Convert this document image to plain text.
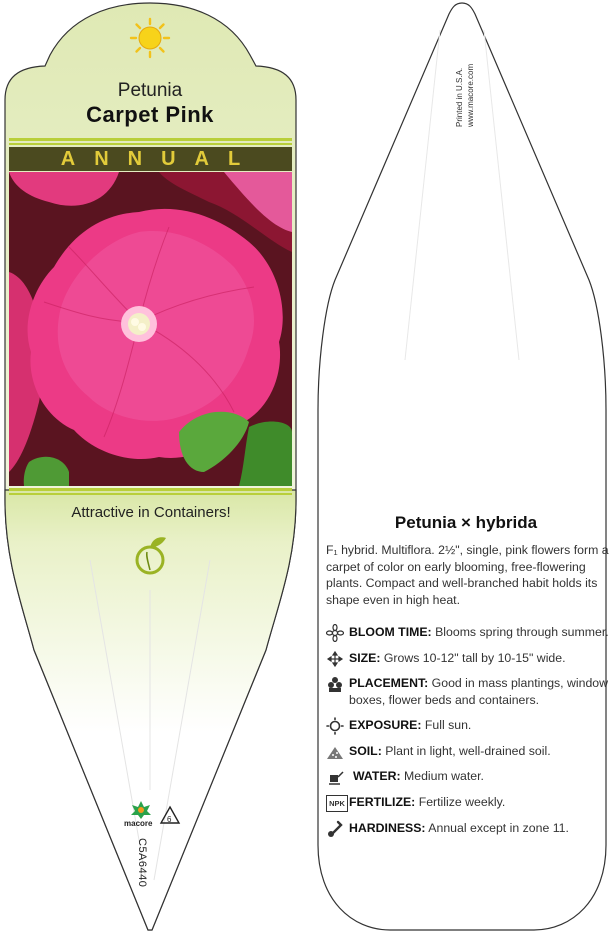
macore 6
Petunia
Carpet Pink
ANNUAL
Attractive in Containers!
C5A6440
Printed in U.S.A. www.macore.com
Petunia × hybrida
F₁ hybrid. Multiflora. 2½", single, pink flowers form a carpet of color on early blooming, free-flowering plants. Compact and well-branched habit holds its shape even in high heat.
BLOOM TIME: Blooms spring through summer.
SIZE: Grows 10-12" tall by 10-15" wide.
PLACEMENT: Good in mass plantings, window boxes, flower beds and containers.
EXPOSURE: Full sun.
SOIL: Plant in light, well-drained soil.
WATER: Medium water.
NPK FERTILIZE: Fertilize weekly.
HARDINESS: Annual except in zone 11.
